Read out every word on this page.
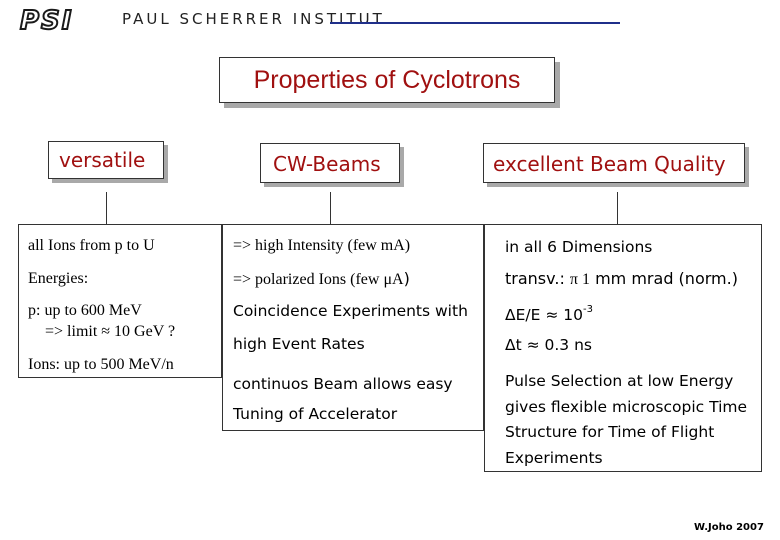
PSI	PAUL SCHERRER INSTITUT
Properties of Cyclotrons
versatile	CW-Beams	excellent Beam Quality
all Ions from p to U
Energies:
p: up to 600 MeV
=> limit ≈ 10 GeV ?
Ions: up to 500 MeV/n
=> high Intensity (few mA)
=> polarized Ions (few μA)
Coincidence Experiments with
high Event Rates
continuos Beam allows easy
Tuning of Accelerator
in all 6 Dimensions
transv.: π 1 mm mrad (norm.)
$\Delta E/E \approx 10^{-3}$
Δt ≈ 0.3 ns
Pulse Selection at low Energy
gives flexible microscopic Time
Structure for Time of Flight
Experiments
W.Joho 2007
